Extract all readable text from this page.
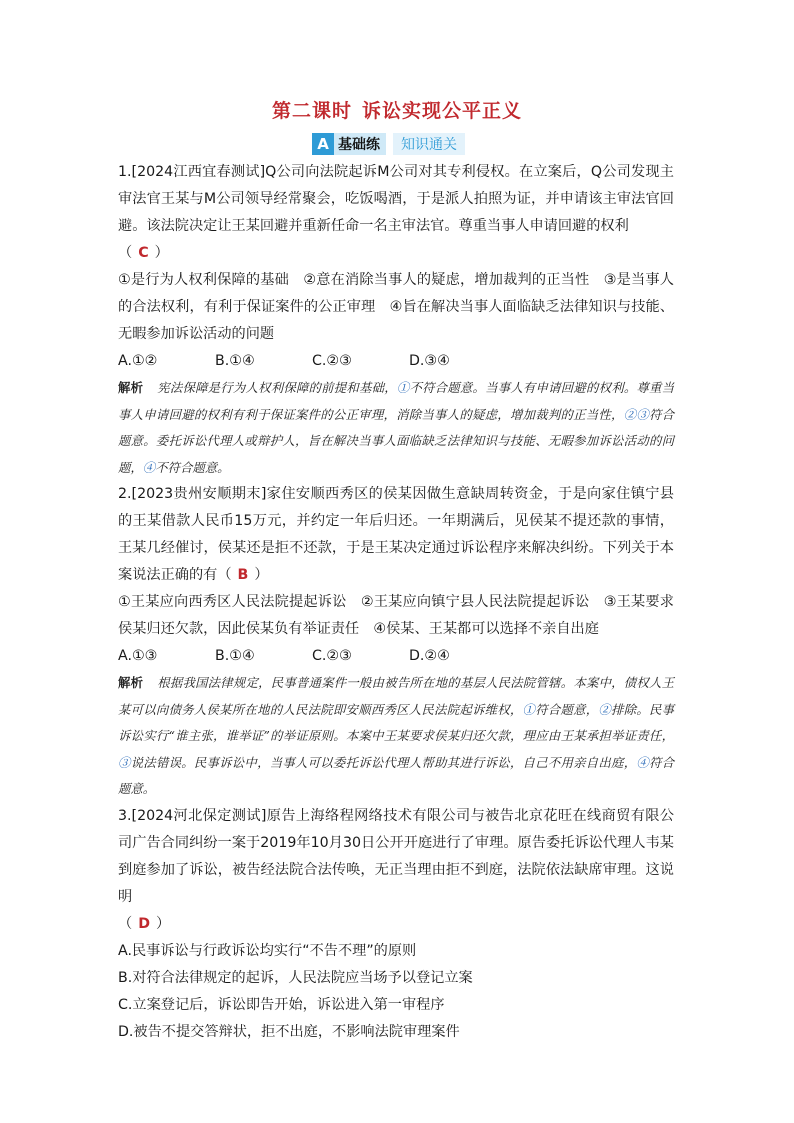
第二课时 诉讼实现公平正义
A 基础练	知识通关

1.[2024江西宜春测试]Q公司向法院起诉M公司对其专利侵权。在立案后，Q公司发现主审法官王某与M公司领导经常聚会，吃饭喝酒，于是派人拍照为证，并申请该主审法官回避。该法院决定让王某回避并重新任命一名主审法官。尊重当事人申请回避的权利
（ C ）

①是行为人权利保障的基础　②意在消除当事人的疑虑，增加裁判的正当性　③是当事人的合法权利，有利于保证案件的公正审理　④旨在解决当事人面临缺乏法律知识与技能、无暇参加诉讼活动的问题

A.①②	B.①④	C.②③	D.③④

解析 宪法保障是行为人权利保障的前提和基础，①不符合题意。当事人有申请回避的权利。尊重当事人申请回避的权利有利于保证案件的公正审理，消除当事人的疑虑，增加裁判的正当性，②③符合题意。委托诉讼代理人或辩护人，旨在解决当事人面临缺乏法律知识与技能、无暇参加诉讼活动的问题，④不符合题意。

2.[2023贵州安顺期末]家住安顺西秀区的侯某因做生意缺周转资金，于是向家住镇宁县的王某借款人民币15万元，并约定一年后归还。一年期满后，见侯某不提还款的事情，王某几经催讨，侯某还是拒不还款，于是王某决定通过诉讼程序来解决纠纷。下列关于本案说法正确的有（ B ）

①王某应向西秀区人民法院提起诉讼　②王某应向镇宁县人民法院提起诉讼　③王某要求侯某归还欠款，因此侯某负有举证责任　④侯某、王某都可以选择不亲自出庭

A.①③	B.①④	C.②③	D.②④

解析 根据我国法律规定，民事普通案件一般由被告所在地的基层人民法院管辖。本案中，债权人王某可以向债务人侯某所在地的人民法院即安顺西秀区人民法院起诉维权，①符合题意，②排除。民事诉讼实行“谁主张，谁举证”的举证原则。本案中王某要求侯某归还欠款，理应由王某承担举证责任，③说法错误。民事诉讼中，当事人可以委托诉讼代理人帮助其进行诉讼，自己不用亲自出庭，④符合题意。

3.[2024河北保定测试]原告上海络程网络技术有限公司与被告北京花旺在线商贸有限公司广告合同纠纷一案于2019年10月30日公开开庭进行了审理。原告委托诉讼代理人韦某到庭参加了诉讼，被告经法院合法传唤，无正当理由拒不到庭，法院依法缺席审理。这说明
（ D ）

A.民事诉讼与行政诉讼均实行“不告不理”的原则

B.对符合法律规定的起诉，人民法院应当场予以登记立案

C.立案登记后，诉讼即告开始，诉讼进入第一审程序

D.被告不提交答辩状，拒不出庭，不影响法院审理案件
